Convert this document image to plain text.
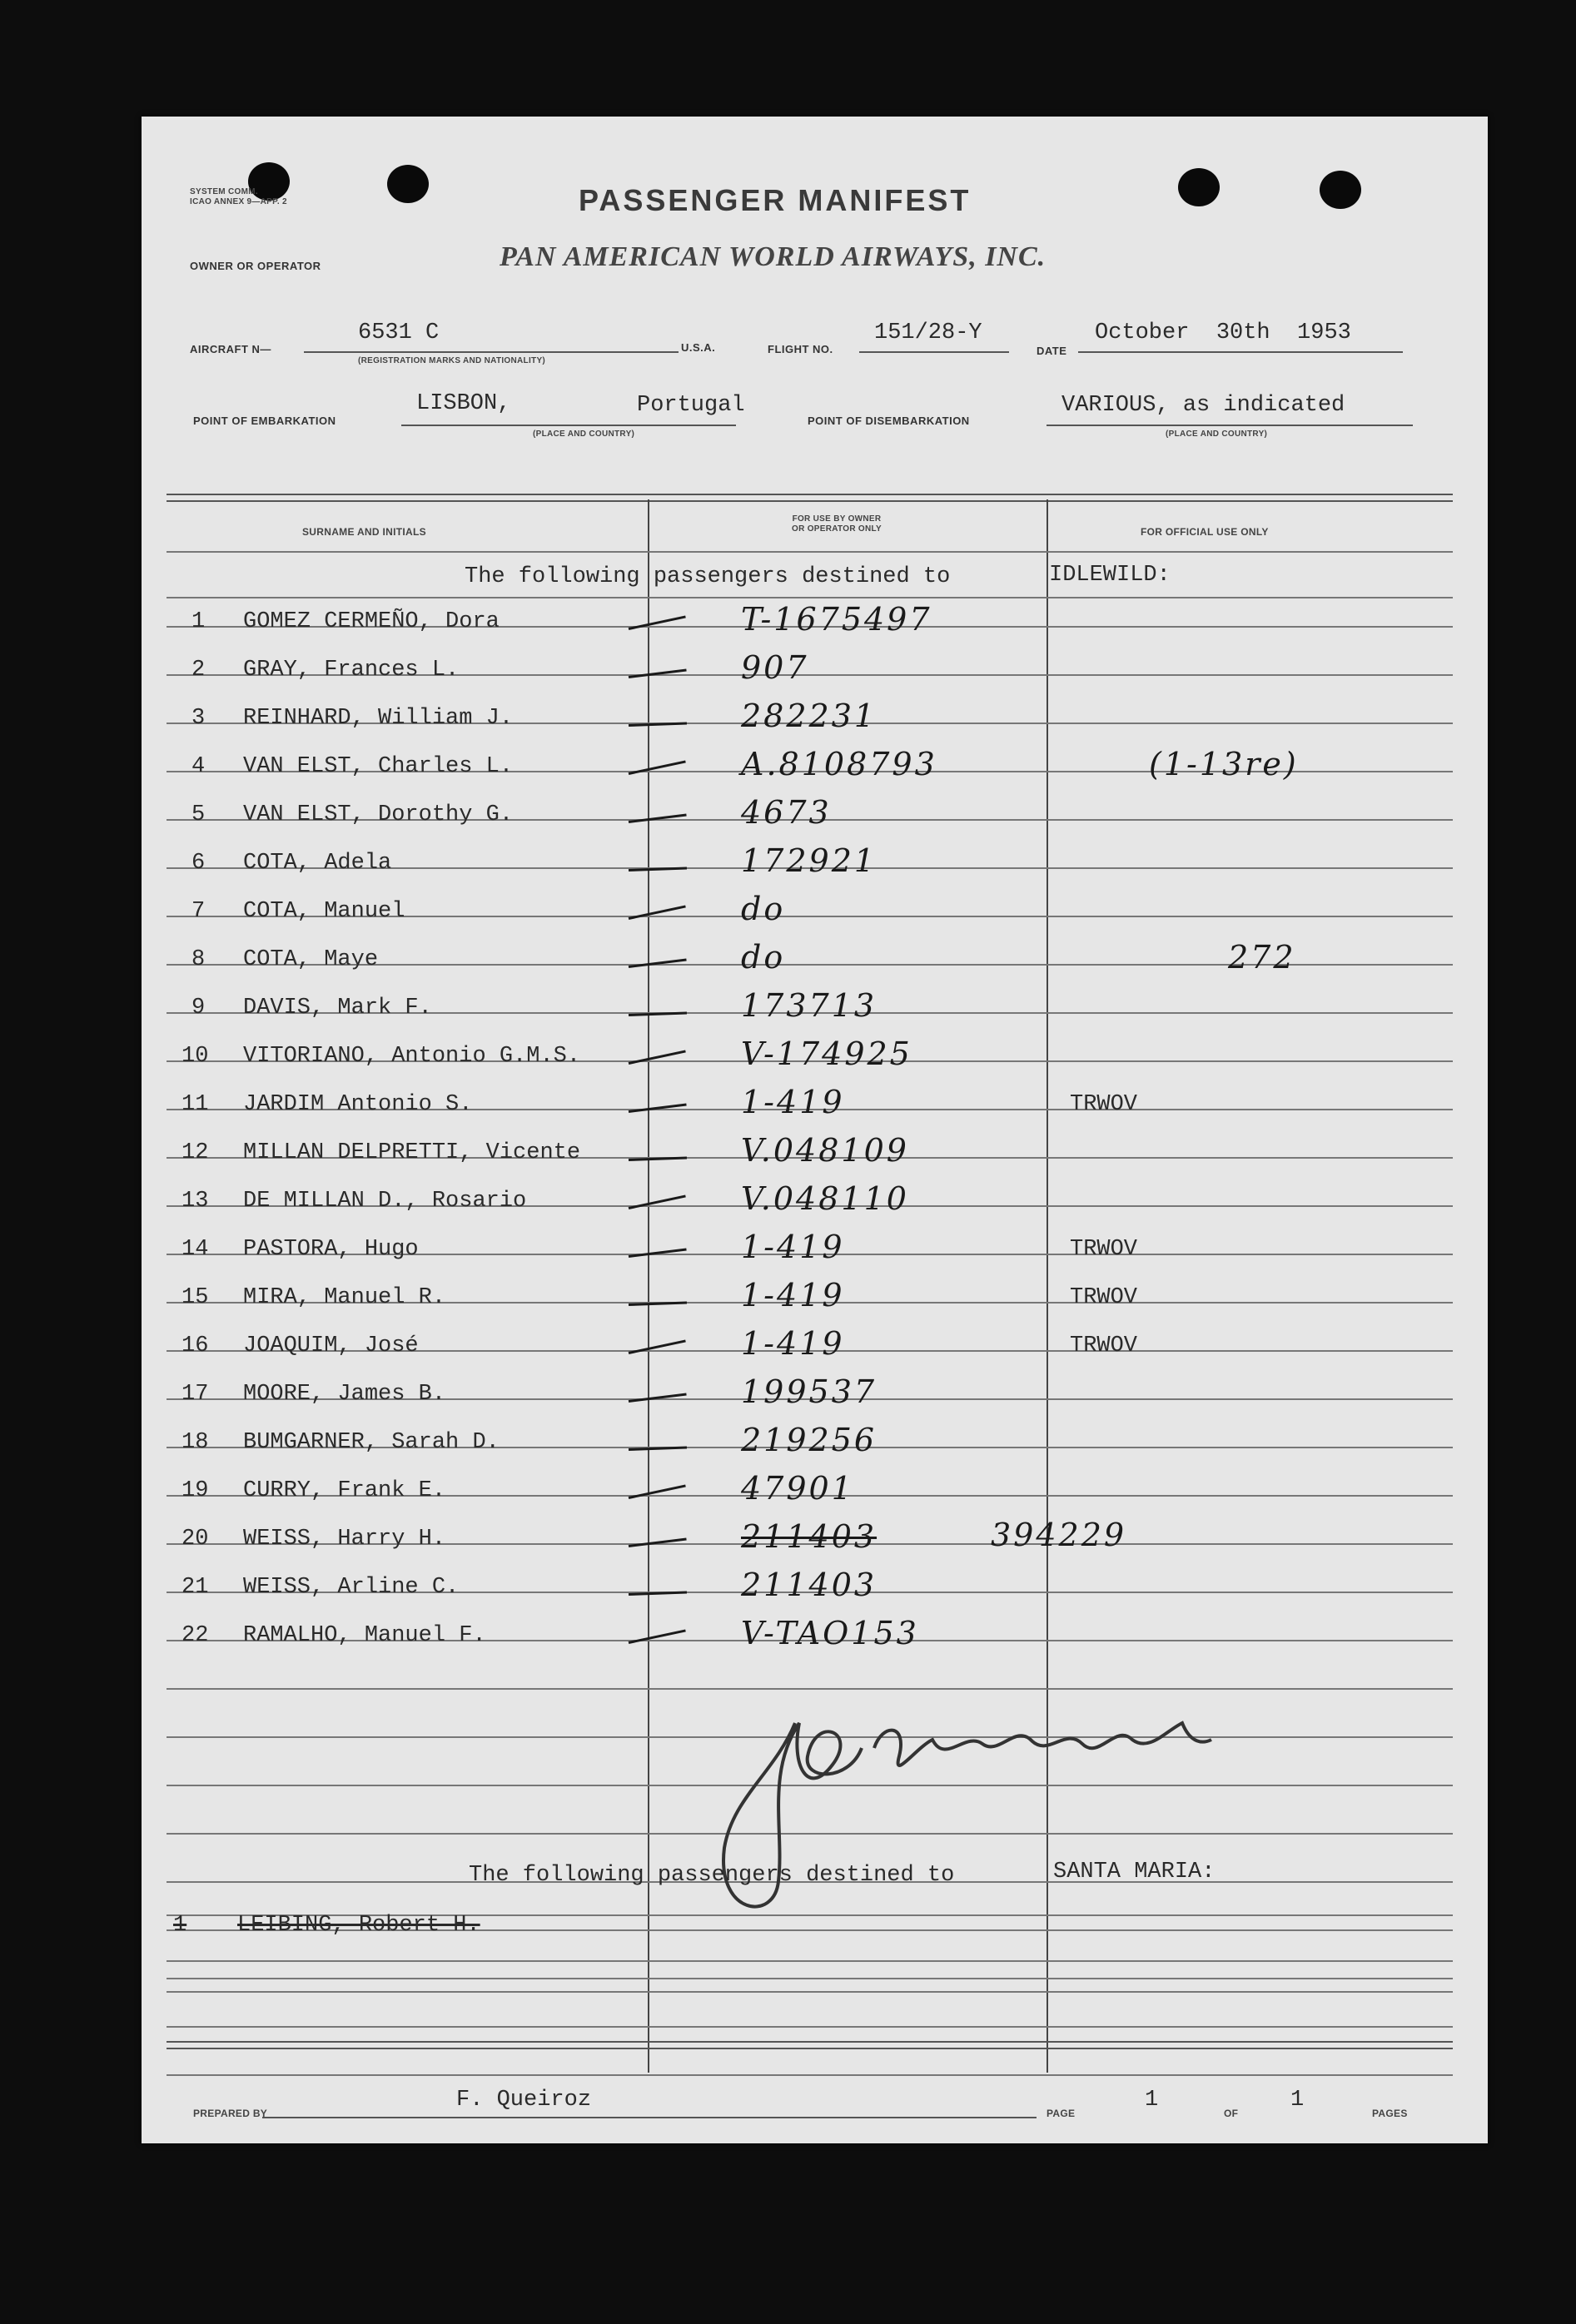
SYSTEM COMM.
ICAO ANNEX 9—APP. 2	PASSENGER MANIFEST
OWNER OR OPERATOR	PAN AMERICAN WORLD AIRWAYS, INC.
AIRCRAFT N—
6531 C
(REGISTRATION MARKS AND NATIONALITY)
U.S.A.	FLIGHT NO.
151/28-Y
DATE
October  30th  1953
POINT OF EMBARKATION
LISBON,	Portugal
(PLACE AND COUNTRY)
POINT OF DISEMBARKATION
VARIOUS, as indicated
(PLACE AND COUNTRY)
SURNAME AND INITIALS
FOR USE BY OWNER
OR OPERATOR ONLY	FOR OFFICIAL USE ONLY
The following passengers destined to	IDLEWILD:
1 GOMEZ CERMEÑO, Dora	T-1675497
2 GRAY, Frances L.	907
3 REINHARD, William J.	282231
4 VAN ELST, Charles L.	A.8108793	(1-13re)
5 VAN ELST, Dorothy G.	4673
6 COTA, Adela	172921
7 COTA, Manuel	do
8 COTA, Maye	do	272
9 DAVIS, Mark F.	173713
10 VITORIANO, Antonio G.M.S.	V-174925
11 JARDIM Antonio S.	1-419	TRWOV
12 MILLAN DELPRETTI, Vicente	V.048109
13 DE MILLAN D., Rosario	V.048110
14 PASTORA, Hugo	1-419	TRWOV
15 MIRA, Manuel R.	1-419	TRWOV
16 JOAQUIM, José	1-419	TRWOV
17 MOORE, James B.	199537
18 BUMGARNER, Sarah D.	219256
19 CURRY, Frank E.	47901
20 WEISS, Harry H.	211403	394229
21 WEISS, Arline C.	211403
22 RAMALHO, Manuel F.	V-TAO153
J.D. Greenwood
The following passengers destined to	SANTA MARIA:
1 LEIBING, Robert H.
PREPARED BY
F. Queiroz
PAGE
1
OF
1
PAGES
